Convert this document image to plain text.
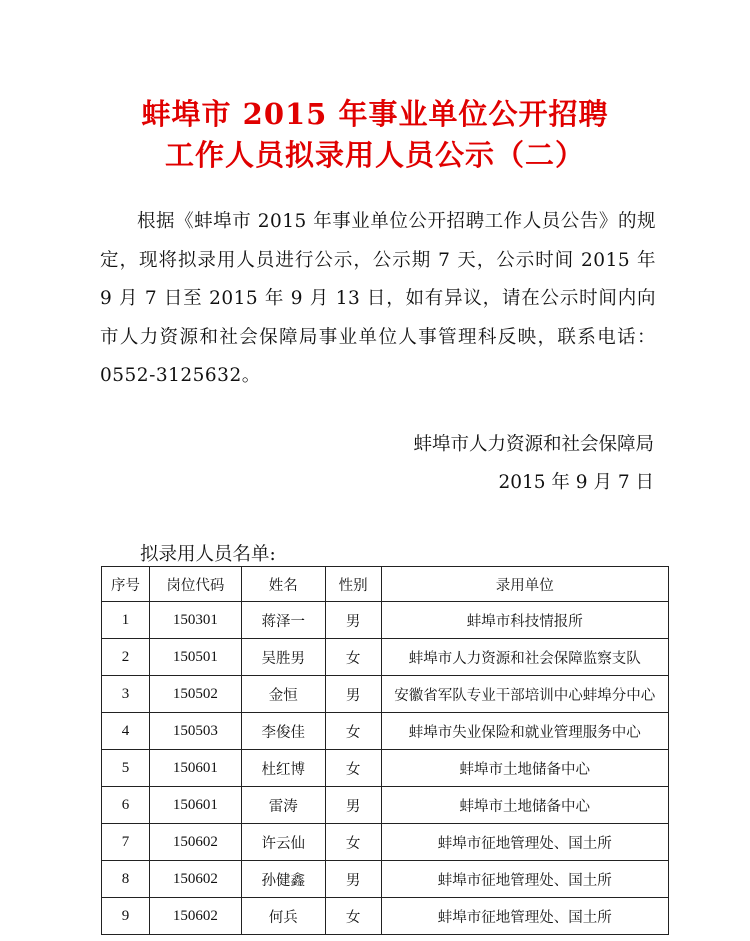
蚌埠市 2015 年事业单位公开招聘
工作人员拟录用人员公示（二）
根据《蚌埠市 2015 年事业单位公开招聘工作人员公告》的规定，现将拟录用人员进行公示，公示期 7 天，公示时间 2015 年 9 月 7 日至 2015 年 9 月 13 日，如有异议，请在公示时间内向市人力资源和社会保障局事业单位人事管理科反映，联系电话：0552-3125632。
蚌埠市人力资源和社会保障局
2015 年 9 月 7 日
拟录用人员名单:
序号	岗位代码	姓名	性别	录用单位
1	150301	蒋泽一	男	蚌埠市科技情报所
2	150501	吴胜男	女	蚌埠市人力资源和社会保障监察支队
3	150502	金恒	男	安徽省军队专业干部培训中心蚌埠分中心
4	150503	李俊佳	女	蚌埠市失业保险和就业管理服务中心
5	150601	杜红博	女	蚌埠市土地储备中心
6	150601	雷涛	男	蚌埠市土地储备中心
7	150602	许云仙	女	蚌埠市征地管理处、国土所
8	150602	孙健鑫	男	蚌埠市征地管理处、国土所
9	150602	何兵	女	蚌埠市征地管理处、国土所
